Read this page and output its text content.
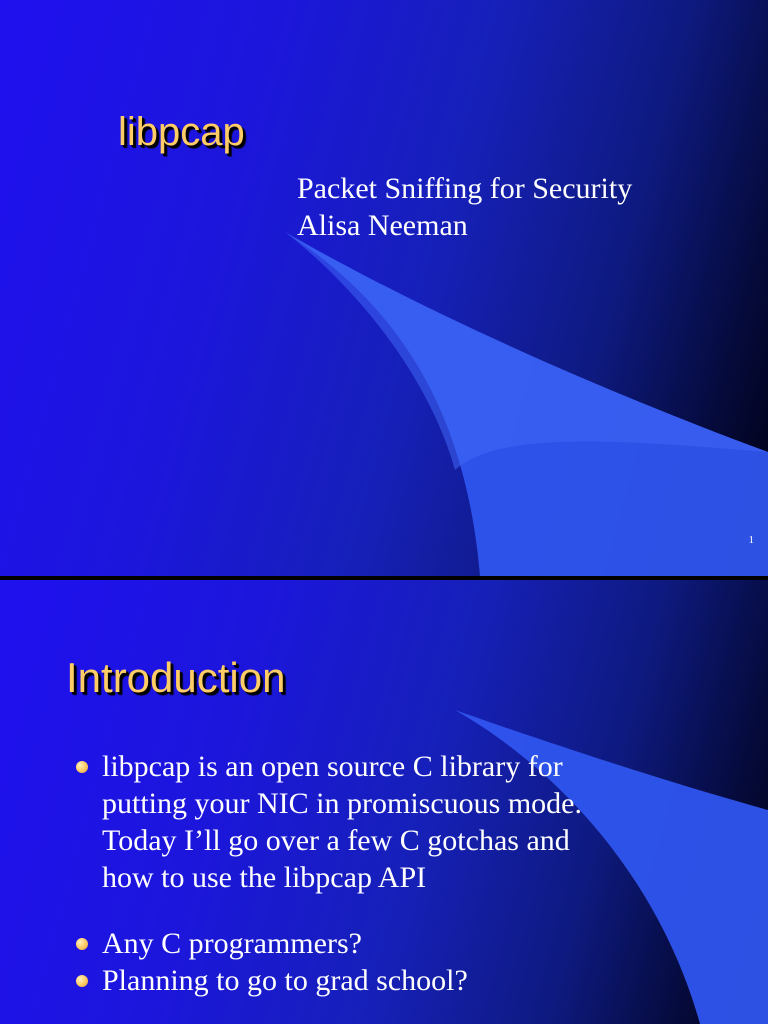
libpcap
Packet Sniffing for Security
Alisa Neeman
1
Introduction
libpcap is an open source C library for
putting your NIC in promiscuous mode.
Today I’ll go over a few C gotchas and
how to use the libpcap API
Any C programmers?
Planning to go to grad school?
